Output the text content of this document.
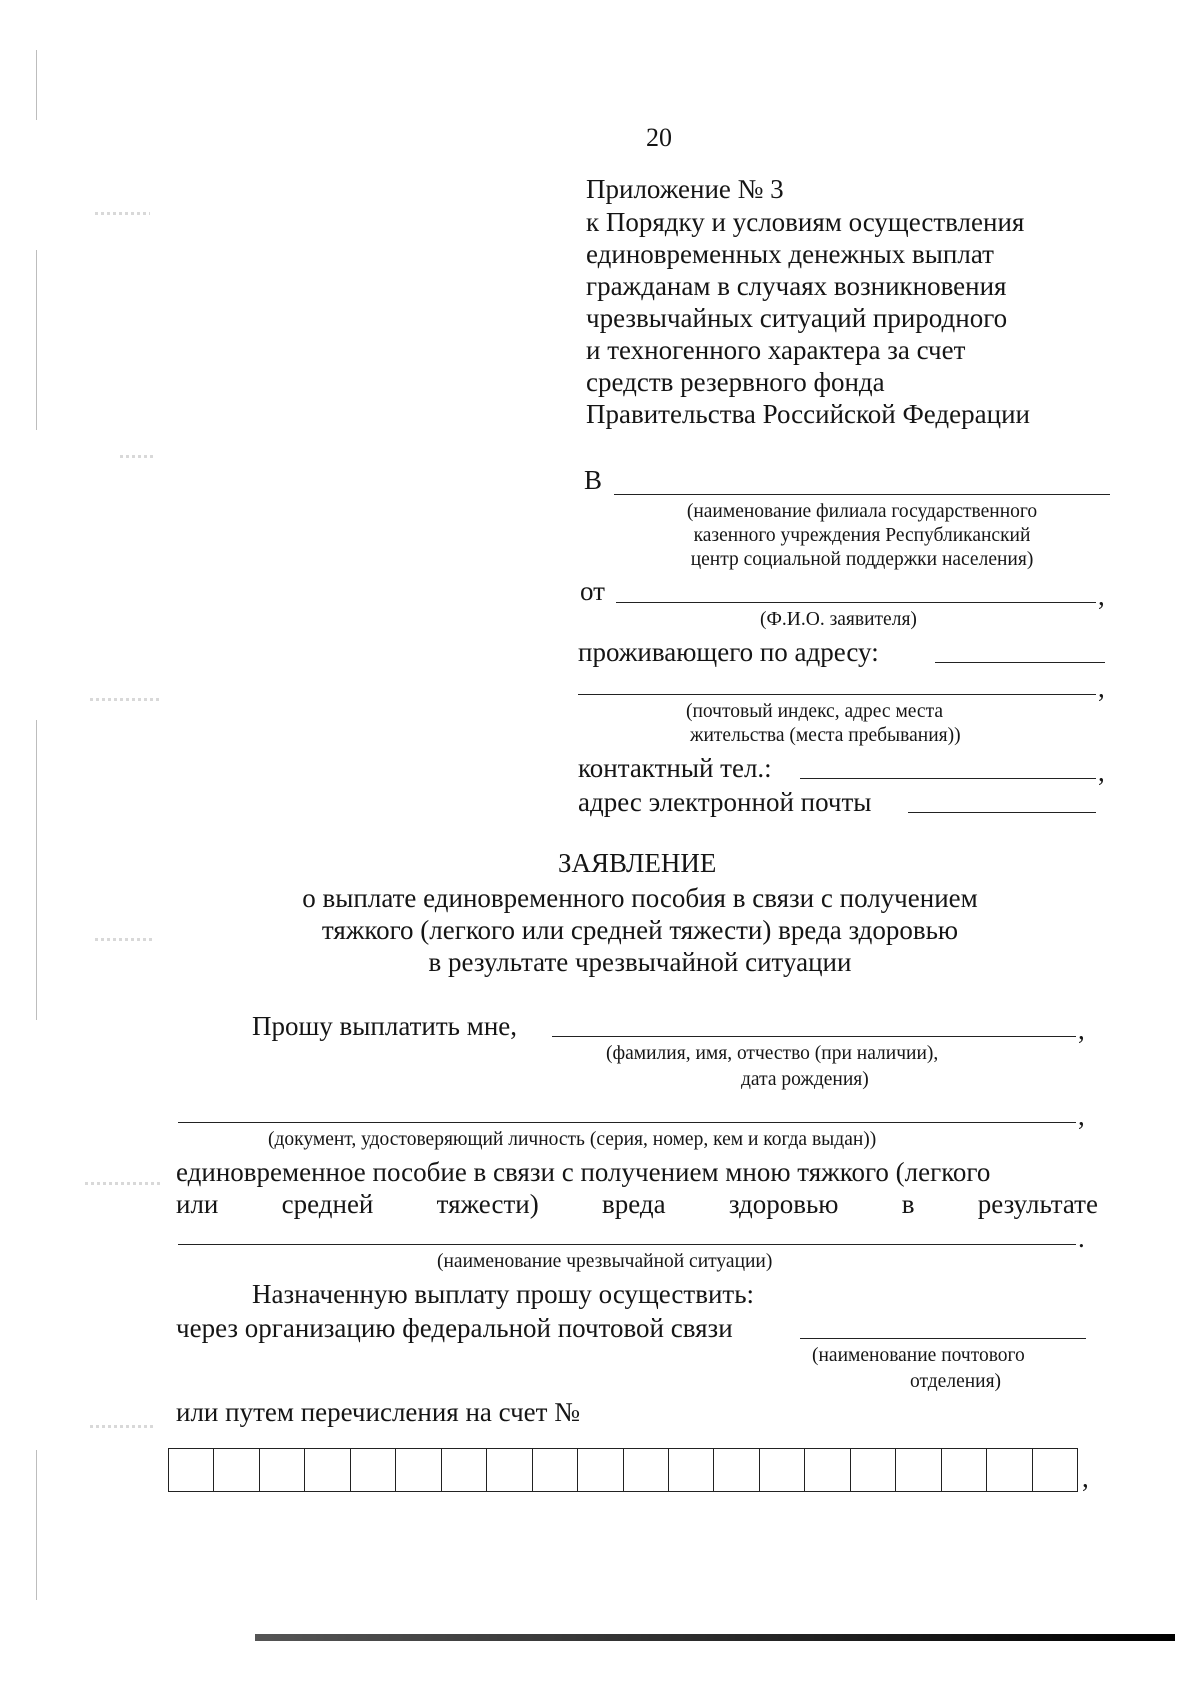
20
Приложение № 3
к Порядку и условиям осуществления
единовременных денежных выплат
гражданам в случаях возникновения
чрезвычайных ситуаций природного
и техногенного характера за счет
средств резервного фонда
Правительства Российской Федерации
В
(наименование филиала государственного
казенного учреждения Республиканский
центр социальной поддержки населения)
от	,
(Ф.И.О. заявителя)
проживающего по адресу:
,
(почтовый индекс, адрес места
жительства (места пребывания))
контактный тел.:	,
адрес электронной почты
ЗАЯВЛЕНИЕ
о выплате единовременного пособия в связи с получением
тяжкого (легкого или средней тяжести) вреда здоровью
в результате чрезвычайной ситуации
Прошу выплатить мне,	,
(фамилия, имя, отчество (при наличии),
дата рождения)
,
(документ, удостоверяющий личность (серия, номер, кем и когда выдан))
единовременное пособие в связи с получением мною тяжкого (легкого
или средней тяжести) вреда здоровью в результате
.
(наименование чрезвычайной ситуации)
Назначенную выплату прошу осуществить:
через организацию федеральной почтовой связи
(наименование почтового
отделения)
или путем перечисления на счет №
,
